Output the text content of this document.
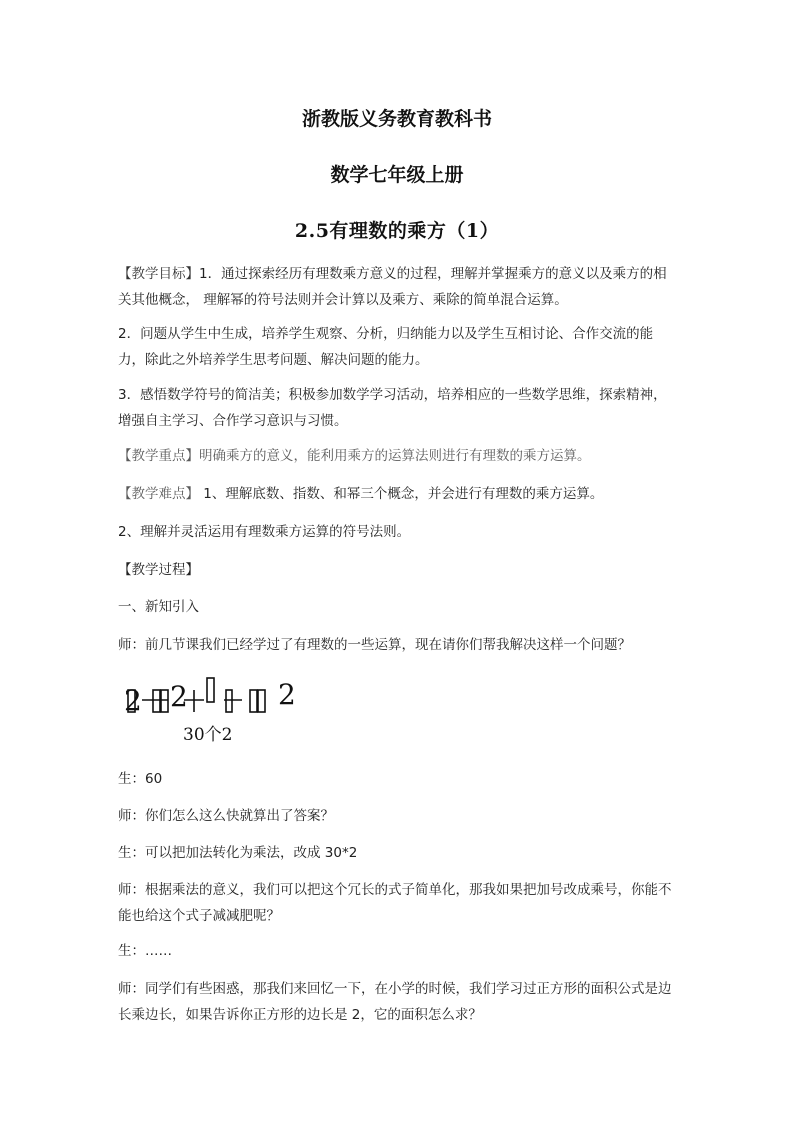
浙教版义务教育教科书
数学七年级上册
2.5有理数的乘方（1）
【教学目标】1．通过探索经历有理数乘方意义的过程，理解并掌握乘方的意义以及乘方的相关其他概念， 理解幂的符号法则并会计算以及乘方、乘除的简单混合运算。
2．问题从学生中生成，培养学生观察、分析，归纳能力以及学生互相讨论、合作交流的能力，除此之外培养学生思考问题、解决问题的能力。
3．感悟数学符号的简洁美；积极参加数学学习活动，培养相应的一些数学思维，探索精神，增强自主学习、合作学习意识与习惯。
【教学重点】明确乘方的意义，能利用乘方的运算法则进行有理数的乘方运算。
【教学难点】 1、理解底数、指数、和幂三个概念，并会进行有理数的乘方运算。
2、理解并灵活运用有理数乘方运算的符号法则。
【教学过程】
一、新知引入
师：前几节课我们已经学过了有理数的一些运算，现在请你们帮我解决这样一个问题？
2 2	2
30个2
生：60
师：你们怎么这么快就算出了答案？
生：可以把加法转化为乘法，改成 30*2
师：根据乘法的意义，我们可以把这个冗长的式子简单化，那我如果把加号改成乘号，你能不能也给这个式子减减肥呢？
生：……
师：同学们有些困惑，那我们来回忆一下，在小学的时候，我们学习过正方形的面积公式是边长乘边长，如果告诉你正方形的边长是 2，它的面积怎么求？
